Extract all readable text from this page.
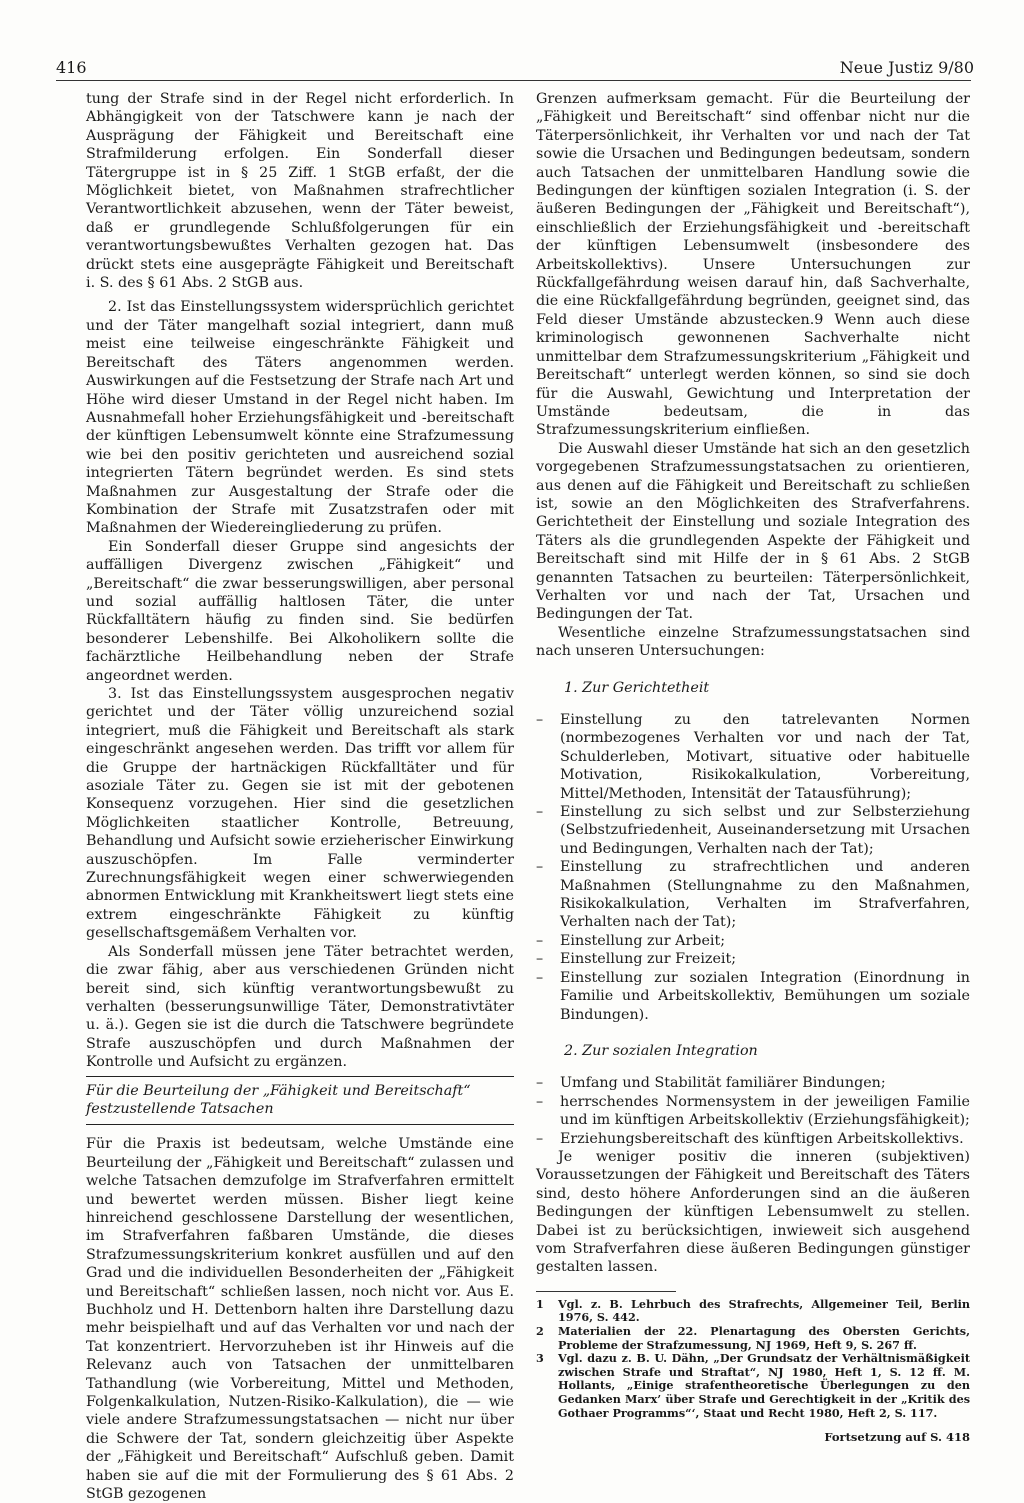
416	Neue Justiz 9/80

tung der Strafe sind in der Regel nicht erforderlich. In Abhängigkeit von der Tatschwere kann je nach der Ausprägung der Fähigkeit und Bereitschaft eine Strafmilderung erfolgen. Ein Sonderfall dieser Tätergruppe ist in § 25 Ziff. 1 StGB erfaßt, der die Möglichkeit bietet, von Maßnahmen strafrechtlicher Verantwortlichkeit abzusehen, wenn der Täter beweist, daß er grundlegende Schlußfolgerungen für ein verantwortungsbewußtes Verhalten gezogen hat. Das drückt stets eine ausgeprägte Fähigkeit und Bereitschaft i. S. des § 61 Abs. 2 StGB aus.

2. Ist das Einstellungssystem widersprüchlich gerichtet und der Täter mangelhaft sozial integriert, dann muß meist eine teilweise eingeschränkte Fähigkeit und Bereitschaft des Täters angenommen werden. Auswirkungen auf die Festsetzung der Strafe nach Art und Höhe wird dieser Umstand in der Regel nicht haben. Im Ausnahmefall hoher Erziehungsfähigkeit und -bereitschaft der künftigen Lebensumwelt könnte eine Strafzumessung wie bei den positiv gerichteten und ausreichend sozial integrierten Tätern begründet werden. Es sind stets Maßnahmen zur Ausgestaltung der Strafe oder die Kombination der Strafe mit Zusatzstrafen oder mit Maßnahmen der Wiedereingliederung zu prüfen.

Ein Sonderfall dieser Gruppe sind angesichts der auffälligen Divergenz zwischen „Fähigkeit“ und „Bereitschaft“ die zwar besserungswilligen, aber personal und sozial auffällig haltlosen Täter, die unter Rückfalltätern häufig zu finden sind. Sie bedürfen besonderer Lebenshilfe. Bei Alkoholikern sollte die fachärztliche Heilbehandlung neben der Strafe angeordnet werden.

3. Ist das Einstellungssystem ausgesprochen negativ gerichtet und der Täter völlig unzureichend sozial integriert, muß die Fähigkeit und Bereitschaft als stark eingeschränkt angesehen werden. Das trifft vor allem für die Gruppe der hartnäckigen Rückfalltäter und für asoziale Täter zu. Gegen sie ist mit der gebotenen Konsequenz vorzugehen. Hier sind die gesetzlichen Möglichkeiten staatlicher Kontrolle, Betreuung, Behandlung und Aufsicht sowie erzieherischer Einwirkung auszuschöpfen. Im Falle verminderter Zurechnungsfähigkeit wegen einer schwerwiegenden abnormen Entwicklung mit Krankheitswert liegt stets eine extrem eingeschränkte Fähigkeit zu künftig gesellschaftsgemäßem Verhalten vor.

Als Sonderfall müssen jene Täter betrachtet werden, die zwar fähig, aber aus verschiedenen Gründen nicht bereit sind, sich künftig verantwortungsbewußt zu verhalten (besserungsunwillige Täter, Demonstrativtäter u. ä.). Gegen sie ist die durch die Tatschwere begründete Strafe auszuschöpfen und durch Maßnahmen der Kontrolle und Aufsicht zu ergänzen.

Für die Beurteilung der „Fähigkeit und Bereitschaft“
festzustellende Tatsachen

Für die Praxis ist bedeutsam, welche Umstände eine Beurteilung der „Fähigkeit und Bereitschaft“ zulassen und welche Tatsachen demzufolge im Strafverfahren ermittelt und bewertet werden müssen. Bisher liegt keine hinreichend geschlossene Darstellung der wesentlichen, im Strafverfahren faßbaren Umstände, die dieses Strafzumessungskriterium konkret ausfüllen und auf den Grad und die individuellen Besonderheiten der „Fähigkeit und Bereitschaft“ schließen lassen, noch nicht vor. Aus E. Buchholz und H. Dettenborn halten ihre Darstellung dazu mehr beispielhaft und auf das Verhalten vor und nach der Tat konzentriert. Hervorzuheben ist ihr Hinweis auf die Relevanz auch von Tatsachen der unmittelbaren Tathandlung (wie Vorbereitung, Mittel und Methoden, Folgenkalkulation, Nutzen-Risiko-Kalkulation), die — wie viele andere Strafzumessungstatsachen — nicht nur über die Schwere der Tat, sondern gleichzeitig über Aspekte der „Fähigkeit und Bereitschaft“ Aufschluß geben. Damit haben sie auf die mit der Formulierung des § 61 Abs. 2 StGB gezogenen

Grenzen aufmerksam gemacht. Für die Beurteilung der „Fähigkeit und Bereitschaft“ sind offenbar nicht nur die Täterpersönlichkeit, ihr Verhalten vor und nach der Tat sowie die Ursachen und Bedingungen bedeutsam, sondern auch Tatsachen der unmittelbaren Handlung sowie die Bedingungen der künftigen sozialen Integration (i. S. der äußeren Bedingungen der „Fähigkeit und Bereitschaft“), einschließlich der Erziehungsfähigkeit und -bereitschaft der künftigen Lebensumwelt (insbesondere des Arbeitskollektivs). Unsere Untersuchungen zur Rückfallgefährdung weisen darauf hin, daß Sachverhalte, die eine Rückfallgefährdung begründen, geeignet sind, das Feld dieser Umstände abzustecken.9 Wenn auch diese kriminologisch gewonnenen Sachverhalte nicht unmittelbar dem Strafzumessungskriterium „Fähigkeit und Bereitschaft“ unterlegt werden können, so sind sie doch für die Auswahl, Gewichtung und Interpretation der Umstände bedeutsam, die in das Strafzumessungskriterium einfließen.

Die Auswahl dieser Umstände hat sich an den gesetzlich vorgegebenen Strafzumessungstatsachen zu orientieren, aus denen auf die Fähigkeit und Bereitschaft zu schließen ist, sowie an den Möglichkeiten des Strafverfahrens. Gerichtetheit der Einstellung und soziale Integration des Täters als die grundlegenden Aspekte der Fähigkeit und Bereitschaft sind mit Hilfe der in § 61 Abs. 2 StGB genannten Tatsachen zu beurteilen: Täterpersönlichkeit, Verhalten vor und nach der Tat, Ursachen und Bedingungen der Tat.

Wesentliche einzelne Strafzumessungstatsachen sind nach unseren Untersuchungen:

1. Zur Gerichtetheit
– Einstellung zu den tatrelevanten Normen (normbezogenes Verhalten vor und nach der Tat, Schulderleben, Motivart, situative oder habituelle Motivation, Risikokalkulation, Vorbereitung, Mittel/Methoden, Intensität der Tatausführung);
– Einstellung zu sich selbst und zur Selbsterziehung (Selbstzufriedenheit, Auseinandersetzung mit Ursachen und Bedingungen, Verhalten nach der Tat);
– Einstellung zu strafrechtlichen und anderen Maßnahmen (Stellungnahme zu den Maßnahmen, Risikokalkulation, Verhalten im Strafverfahren, Verhalten nach der Tat);
– Einstellung zur Arbeit;
– Einstellung zur Freizeit;
– Einstellung zur sozialen Integration (Einordnung in Familie und Arbeitskollektiv, Bemühungen um soziale Bindungen).
2. Zur sozialen Integration
– Umfang und Stabilität familiärer Bindungen;
– herrschendes Normensystem in der jeweiligen Familie und im künftigen Arbeitskollektiv (Erziehungsfähigkeit);
– Erziehungsbereitschaft des künftigen Arbeitskollektivs.

Je weniger positiv die inneren (subjektiven) Voraussetzungen der Fähigkeit und Bereitschaft des Täters sind, desto höhere Anforderungen sind an die äußeren Bedingungen der künftigen Lebensumwelt zu stellen. Dabei ist zu berücksichtigen, inwieweit sich ausgehend vom Strafverfahren diese äußeren Bedingungen günstiger gestalten lassen.

1 Vgl. z. B. Lehrbuch des Strafrechts, Allgemeiner Teil, Berlin 1976, S. 442.
2 Materialien der 22. Plenartagung des Obersten Gerichts, Probleme der Strafzumessung, NJ 1969, Heft 9, S. 267 ff.
3 Vgl. dazu z. B. U. Dähn, „Der Grundsatz der Verhältnismäßigkeit zwischen Strafe und Straftat“, NJ 1980, Heft 1, S. 12 ff. M. Hollants, „Einige strafentheoretische Überlegungen zu den Gedanken Marx’ über Strafe und Gerechtigkeit in der „Kritik des Gothaer Programms“‘, Staat und Recht 1980, Heft 2, S. 117.
Fortsetzung auf S. 418
